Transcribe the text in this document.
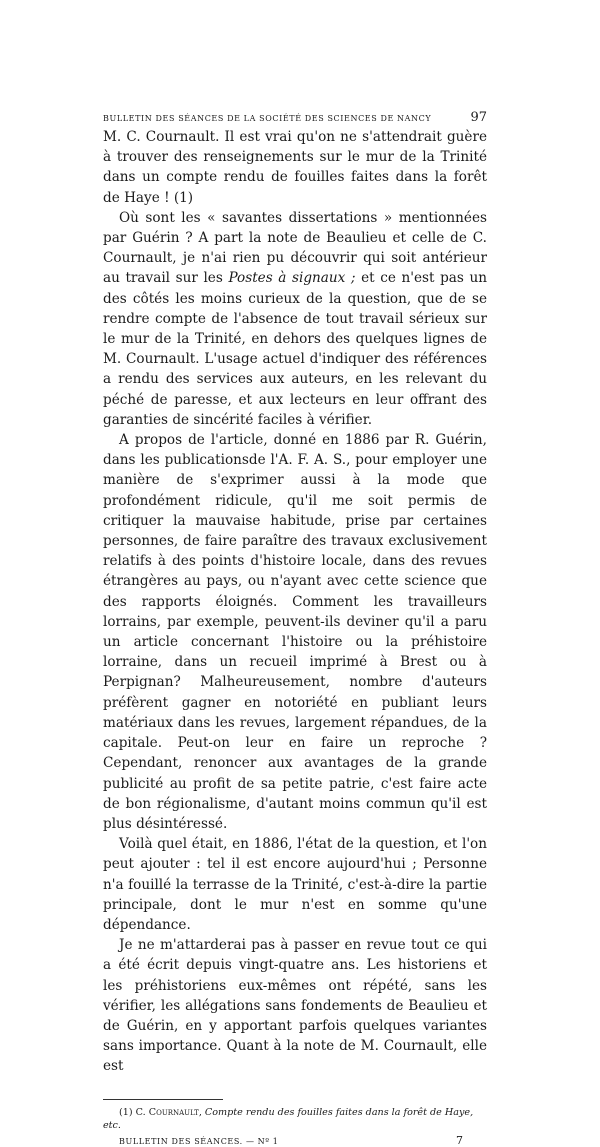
BULLETIN DES SÉANCES DE LA SOCIÉTÉ DES SCIENCES DE NANCY	97

M. C. Cournault. Il est vrai qu'on ne s'attendrait guère à trouver des renseignements sur le mur de la Trinité dans un compte rendu de fouilles faites dans la forêt de Haye ! (1)

Où sont les « savantes dissertations » mentionnées par Guérin ? A part la note de Beaulieu et celle de C. Cournault, je n'ai rien pu découvrir qui soit antérieur au travail sur les Postes à signaux ; et ce n'est pas un des côtés les moins curieux de la question, que de se rendre compte de l'absence de tout travail sérieux sur le mur de la Trinité, en dehors des quelques lignes de M. Cournault. L'usage actuel d'indiquer des références a rendu des services aux auteurs, en les relevant du péché de paresse, et aux lecteurs en leur offrant des garanties de sincérité faciles à vérifier.

A propos de l'article, donné en 1886 par R. Guérin, dans les publicationsde l'A. F. A. S., pour employer une manière de s'exprimer aussi à la mode que profondément ridicule, qu'il me soit permis de critiquer la mauvaise habitude, prise par certaines personnes, de faire paraître des travaux exclusivement relatifs à des points d'histoire locale, dans des revues étrangères au pays, ou n'ayant avec cette science que des rapports éloignés. Comment les travailleurs lorrains, par exemple, peuvent-ils deviner qu'il a paru un article concernant l'histoire ou la préhistoire lorraine, dans un recueil imprimé à Brest ou à Perpignan? Malheureusement, nombre d'auteurs préfèrent gagner en notoriété en publiant leurs matériaux dans les revues, largement répandues, de la capitale. Peut-on leur en faire un reproche ? Cependant, renoncer aux avantages de la grande publicité au profit de sa petite patrie, c'est faire acte de bon régionalisme, d'autant moins commun qu'il est plus désintéressé.

Voilà quel était, en 1886, l'état de la question, et l'on peut ajouter : tel il est encore aujourd'hui ; Personne n'a fouillé la terrasse de la Trinité, c'est-à-dire la partie principale, dont le mur n'est en somme qu'une dépendance.

Je ne m'attarderai pas à passer en revue tout ce qui a été écrit depuis vingt-quatre ans. Les historiens et les préhistoriens eux-mêmes ont répété, sans les vérifier, les allégations sans fondements de Beaulieu et de Guérin, en y apportant parfois quelques variantes sans importance. Quant à la note de M. Cournault, elle est

(1) C. Cournault, Compte rendu des fouilles faites dans la forêt de Haye, etc.

BULLETIN DES SÉANCES. — Nº 1	7
